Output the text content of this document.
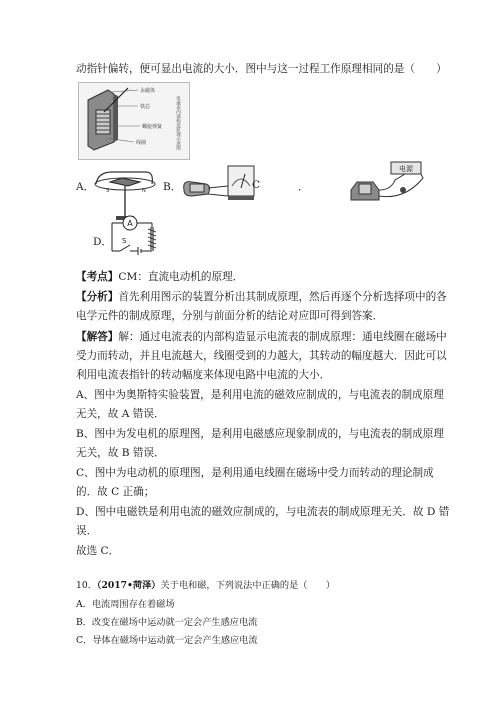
动指针偏转，便可显出电流的大小．图中与这一过程工作原理相同的是（　　）
永磁体
铁芯
螺旋弹簧
线圈	电流表内部构造原理示意图
A． S	N B．	C	．
电源
D．
A
S
【考点】CM：直流电动机的原理．
【分析】首先利用图示的装置分析出其制成原理，然后再逐个分析选择项中的各
电学元件的制成原理，分别与前面分析的结论对应即可得到答案．
【解答】解：通过电流表的内部构造显示电流表的制成原理：通电线圈在磁场中
受力而转动，并且电流越大，线圈受到的力越大，其转动的幅度越大．因此可以
利用电流表指针的转动幅度来体现电路中电流的大小．
A、图中为奥斯特实验装置，是利用电流的磁效应制成的，与电流表的制成原理
无关，故 A 错误．
B、图中为发电机的原理图，是利用电磁感应现象制成的，与电流表的制成原理
无关，故 B 错误．
C、图中为电动机的原理图，是利用通电线圈在磁场中受力而转动的理论制成
的．故 C 正确；
D、图中电磁铁是利用电流的磁效应制成的，与电流表的制成原理无关．故 D 错
误．
故选 C．
10．（2017•菏泽）关于电和磁，下列说法中正确的是（　　）
A．电流周围存在着磁场
B．改变在磁场中运动就一定会产生感应电流
C．导体在磁场中运动就一定会产生感应电流
